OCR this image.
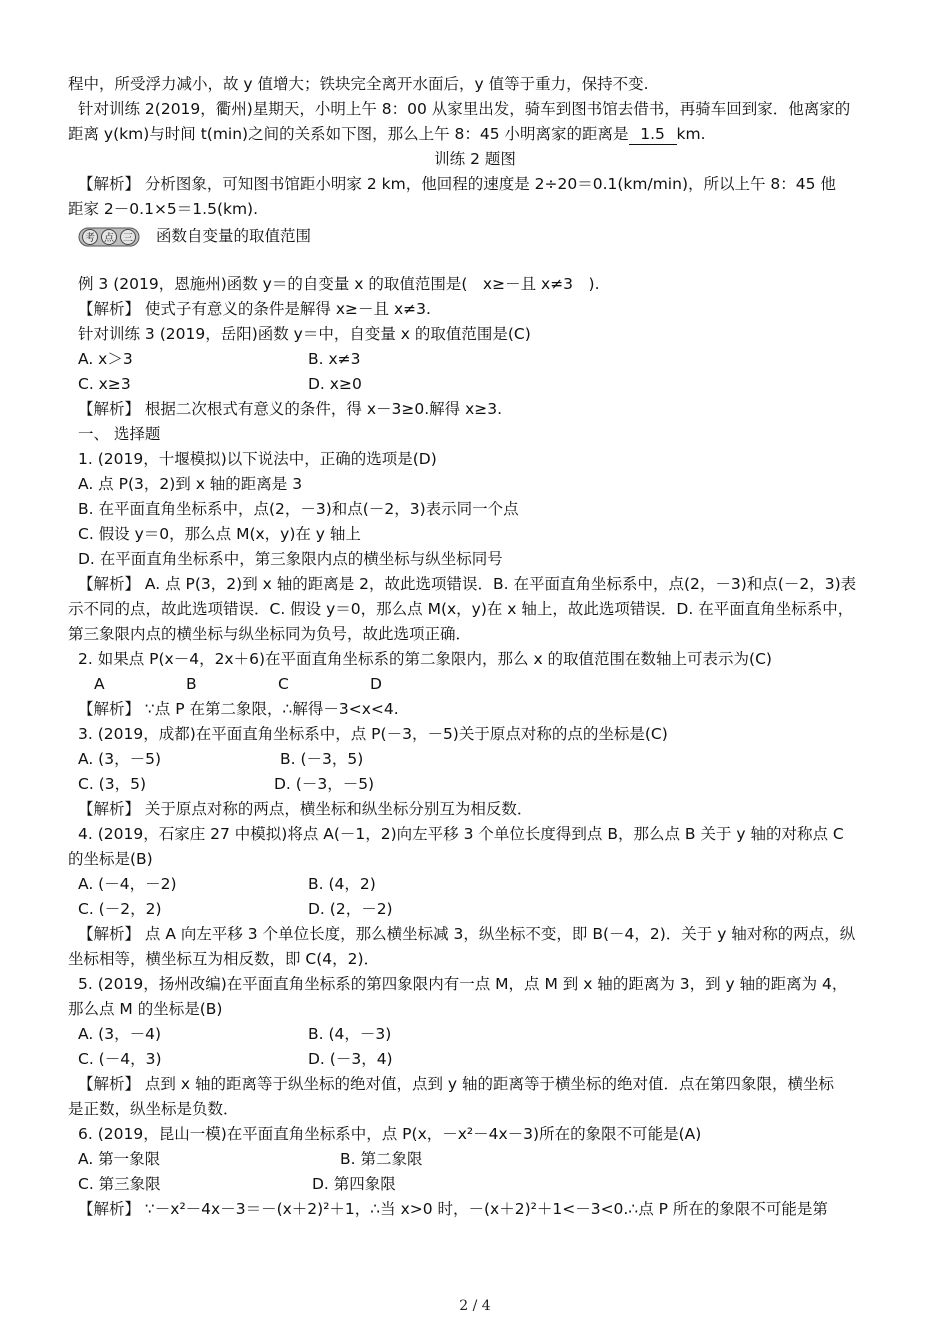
程中，所受浮力减小，故 y 值增大；铁块完全离开水面后，y 值等于重力，保持不变.
针对训练 2(2019，衢州)星期天，小明上午 8：00 从家里出发，骑车到图书馆去借书，再骑车回到家．他离家的
距离 y(km)与时间 t(min)之间的关系如下图，那么上午 8：45 小明离家的距离是 1.5 km.
训练 2 题图
【解析】 分析图象，可知图书馆距小明家 2 km，他回程的速度是 2÷20＝0.1(km/min)，所以上午 8：45 他
距家 2－0.1×5＝1.5(km).
考 点 三 函数自变量的取值范围
例 3 (2019，恩施州)函数 y＝的自变量 x 的取值范围是(　x≥－且 x≠3　).
【解析】 使式子有意义的条件是解得 x≥－且 x≠3.
针对训练 3 (2019，岳阳)函数 y＝中，自变量 x 的取值范围是(C)
A. x＞3	B. x≠3
C. x≥3	D. x≥0
【解析】 根据二次根式有意义的条件，得 x－3≥0.解得 x≥3.
一、 选择题
1. (2019，十堰模拟)以下说法中，正确的选项是(D)
A. 点 P(3，2)到 x 轴的距离是 3
B. 在平面直角坐标系中，点(2，－3)和点(－2，3)表示同一个点
C. 假设 y＝0，那么点 M(x，y)在 y 轴上
D. 在平面直角坐标系中，第三象限内点的横坐标与纵坐标同号
【解析】 A. 点 P(3，2)到 x 轴的距离是 2，故此选项错误．B. 在平面直角坐标系中，点(2，－3)和点(－2，3)表
示不同的点，故此选项错误．C. 假设 y＝0，那么点 M(x，y)在 x 轴上，故此选项错误．D. 在平面直角坐标系中，
第三象限内点的横坐标与纵坐标同为负号，故此选项正确．
2. 如果点 P(x－4，2x＋6)在平面直角坐标系的第二象限内，那么 x 的取值范围在数轴上可表示为(C)
A	B	C	D
【解析】 ∵点 P 在第二象限，∴解得－3<x<4.
3. (2019，成都)在平面直角坐标系中，点 P(－3，－5)关于原点对称的点的坐标是(C)
A. (3，－5)	B. (－3，5)
C. (3，5)	D. (－3，－5)
【解析】 关于原点对称的两点，横坐标和纵坐标分别互为相反数．
4. (2019，石家庄 27 中模拟)将点 A(－1，2)向左平移 3 个单位长度得到点 B，那么点 B 关于 y 轴的对称点 C
的坐标是(B)
A. (－4，－2)	B. (4，2)
C. (－2，2)	D. (2，－2)
【解析】 点 A 向左平移 3 个单位长度，那么横坐标减 3，纵坐标不变，即 B(－4，2)．关于 y 轴对称的两点，纵
坐标相等，横坐标互为相反数，即 C(4，2)．
5. (2019，扬州改编)在平面直角坐标系的第四象限内有一点 M，点 M 到 x 轴的距离为 3，到 y 轴的距离为 4，
那么点 M 的坐标是(B)
A. (3，－4)	B. (4，－3)
C. (－4，3)	D. (－3，4)
【解析】 点到 x 轴的距离等于纵坐标的绝对值，点到 y 轴的距离等于横坐标的绝对值．点在第四象限，横坐标
是正数，纵坐标是负数．
6. (2019，昆山一模)在平面直角坐标系中，点 P(x，－x²－4x－3)所在的象限不可能是(A)
A. 第一象限	B. 第二象限
C. 第三象限	D. 第四象限
【解析】 ∵－x²－4x－3＝－(x＋2)²＋1，∴当 x>0 时，－(x＋2)²＋1<－3<0.∴点 P 所在的象限不可能是第
2 / 4
